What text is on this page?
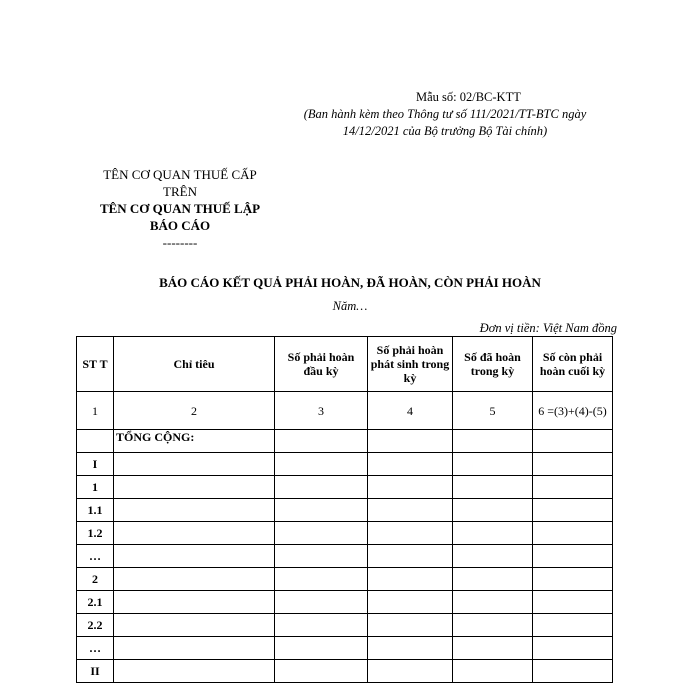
Mẫu số: 02/BC-KTT
(Ban hành kèm theo Thông tư số 111/2021/TT-BTC ngày
14/12/2021 của Bộ trưởng Bộ Tài chính)
TÊN CƠ QUAN THUẾ CẤP
TRÊN
TÊN CƠ QUAN THUẾ LẬP
BÁO CÁO
--------
BÁO CÁO KẾT QUẢ PHẢI HOÀN, ĐÃ HOÀN, CÒN PHẢI HOÀN
Năm…
Đơn vị tiền: Việt Nam đồng
ST T	Chỉ tiêu	Số phải hoàn đầu kỳ	Số phải hoàn phát sinh trong kỳ	Số đã hoàn trong kỳ	Số còn phải hoàn cuối kỳ
1	2	3	4	5	6 =(3)+(4)-(5)
	TỔNG CỘNG:				
I					
1					
1.1					
1.2					
…					
2					
2.1					
2.2					
…					
II					
